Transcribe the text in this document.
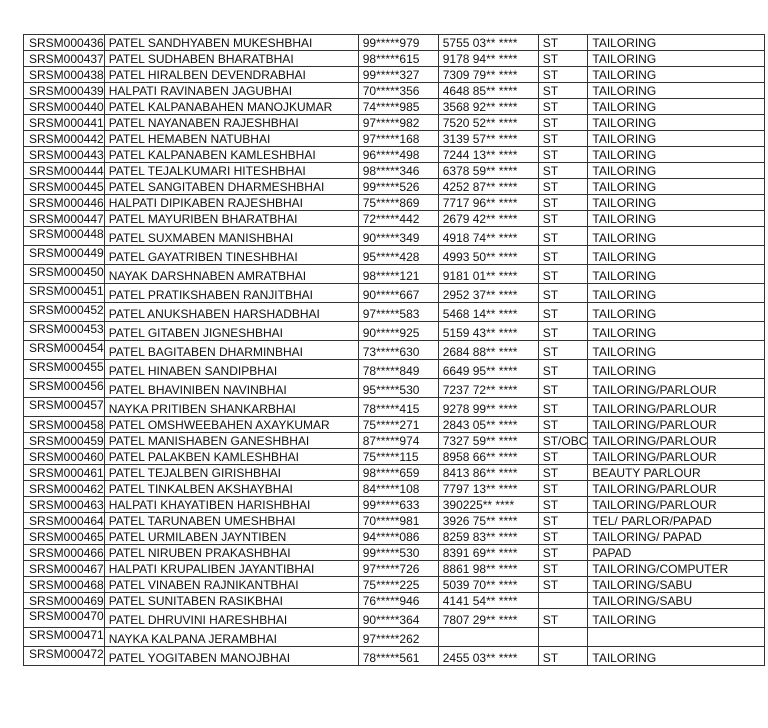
SRSM000436	PATEL SANDHYABEN MUKESHBHAI	99*****979	5755 03** ****	ST	TAILORING
SRSM000437	PATEL SUDHABEN BHARATBHAI	98*****615	9178 94** ****	ST	TAILORING
SRSM000438	PATEL HIRALBEN DEVENDRABHAI	99*****327	7309 79** ****	ST	TAILORING
SRSM000439	HALPATI RAVINABEN JAGUBHAI	70*****356	4648 85** ****	ST	TAILORING
SRSM000440	PATEL KALPANABAHEN MANOJKUMAR	74*****985	3568 92** ****	ST	TAILORING
SRSM000441	PATEL NAYANABEN RAJESHBHAI	97*****982	7520 52** ****	ST	TAILORING
SRSM000442	PATEL HEMABEN NATUBHAI	97*****168	3139 57** ****	ST	TAILORING
SRSM000443	PATEL KALPANABEN KAMLESHBHAI	96*****498	7244 13** ****	ST	TAILORING
SRSM000444	PATEL TEJALKUMARI HITESHBHAI	98*****346	6378 59** ****	ST	TAILORING
SRSM000445	PATEL SANGITABEN DHARMESHBHAI	99*****526	4252 87** ****	ST	TAILORING
SRSM000446	HALPATI DIPIKABEN RAJESHBHAI	75*****869	7717 96** ****	ST	TAILORING
SRSM000447	PATEL MAYURIBEN BHARATBHAI	72*****442	2679 42** ****	ST	TAILORING
SRSM000448	PATEL SUXMABEN MANISHBHAI	90*****349	4918 74** ****	ST	TAILORING
SRSM000449	PATEL GAYATRIBEN TINESHBHAI	95*****428	4993 50** ****	ST	TAILORING
SRSM000450	NAYAK DARSHNABEN AMRATBHAI	98*****121	9181 01** ****	ST	TAILORING
SRSM000451	PATEL PRATIKSHABEN RANJITBHAI	90*****667	2952 37** ****	ST	TAILORING
SRSM000452	PATEL ANUKSHABEN HARSHADBHAI	97*****583	5468 14** ****	ST	TAILORING
SRSM000453	PATEL GITABEN JIGNESHBHAI	90*****925	5159 43** ****	ST	TAILORING
SRSM000454	PATEL BAGITABEN DHARMINBHAI	73*****630	2684 88** ****	ST	TAILORING
SRSM000455	PATEL HINABEN SANDIPBHAI	78*****849	6649 95** ****	ST	TAILORING
SRSM000456	PATEL BHAVINIBEN NAVINBHAI	95*****530	7237 72** ****	ST	TAILORING/PARLOUR
SRSM000457	NAYKA PRITIBEN SHANKARBHAI	78*****415	9278 99** ****	ST	TAILORING/PARLOUR
SRSM000458	PATEL OMSHWEEBAHEN AXAYKUMAR	75*****271	2843 05** ****	ST	TAILORING/PARLOUR
SRSM000459	PATEL MANISHABEN GANESHBHAI	87*****974	7327 59** ****	ST/OBC	TAILORING/PARLOUR
SRSM000460	PATEL PALAKBEN KAMLESHBHAI	75*****115	8958 66** ****	ST	TAILORING/PARLOUR
SRSM000461	PATEL TEJALBEN GIRISHBHAI	98*****659	8413 86** ****	ST	BEAUTY PARLOUR
SRSM000462	PATEL TINKALBEN AKSHAYBHAI	84*****108	7797 13** ****	ST	TAILORING/PARLOUR
SRSM000463	HALPATI KHAYATIBEN HARISHBHAI	99*****633	390225** ****	ST	TAILORING/PARLOUR
SRSM000464	PATEL TARUNABEN UMESHBHAI	70*****981	3926 75** ****	ST	TEL/ PARLOR/PAPAD
SRSM000465	PATEL URMILABEN JAYNTIBEN	94*****086	8259 83** ****	ST	TAILORING/ PAPAD
SRSM000466	PATEL NIRUBEN PRAKASHBHAI	99*****530	8391 69** ****	ST	PAPAD
SRSM000467	HALPATI KRUPALIBEN JAYANTIBHAI	97*****726	8861 98** ****	ST	TAILORING/COMPUTER
SRSM000468	PATEL VINABEN RAJNIKANTBHAI	75*****225	5039 70** ****	ST	TAILORING/SABU
SRSM000469	PATEL SUNITABEN RASIKBHAI	76*****946	4141 54** ****		TAILORING/SABU
SRSM000470	PATEL DHRUVINI HARESHBHAI	90*****364	7807 29** ****	ST	TAILORING
SRSM000471	NAYKA KALPANA JERAMBHAI	97*****262			
SRSM000472	PATEL YOGITABEN MANOJBHAI	78*****561	2455 03** ****	ST	TAILORING
